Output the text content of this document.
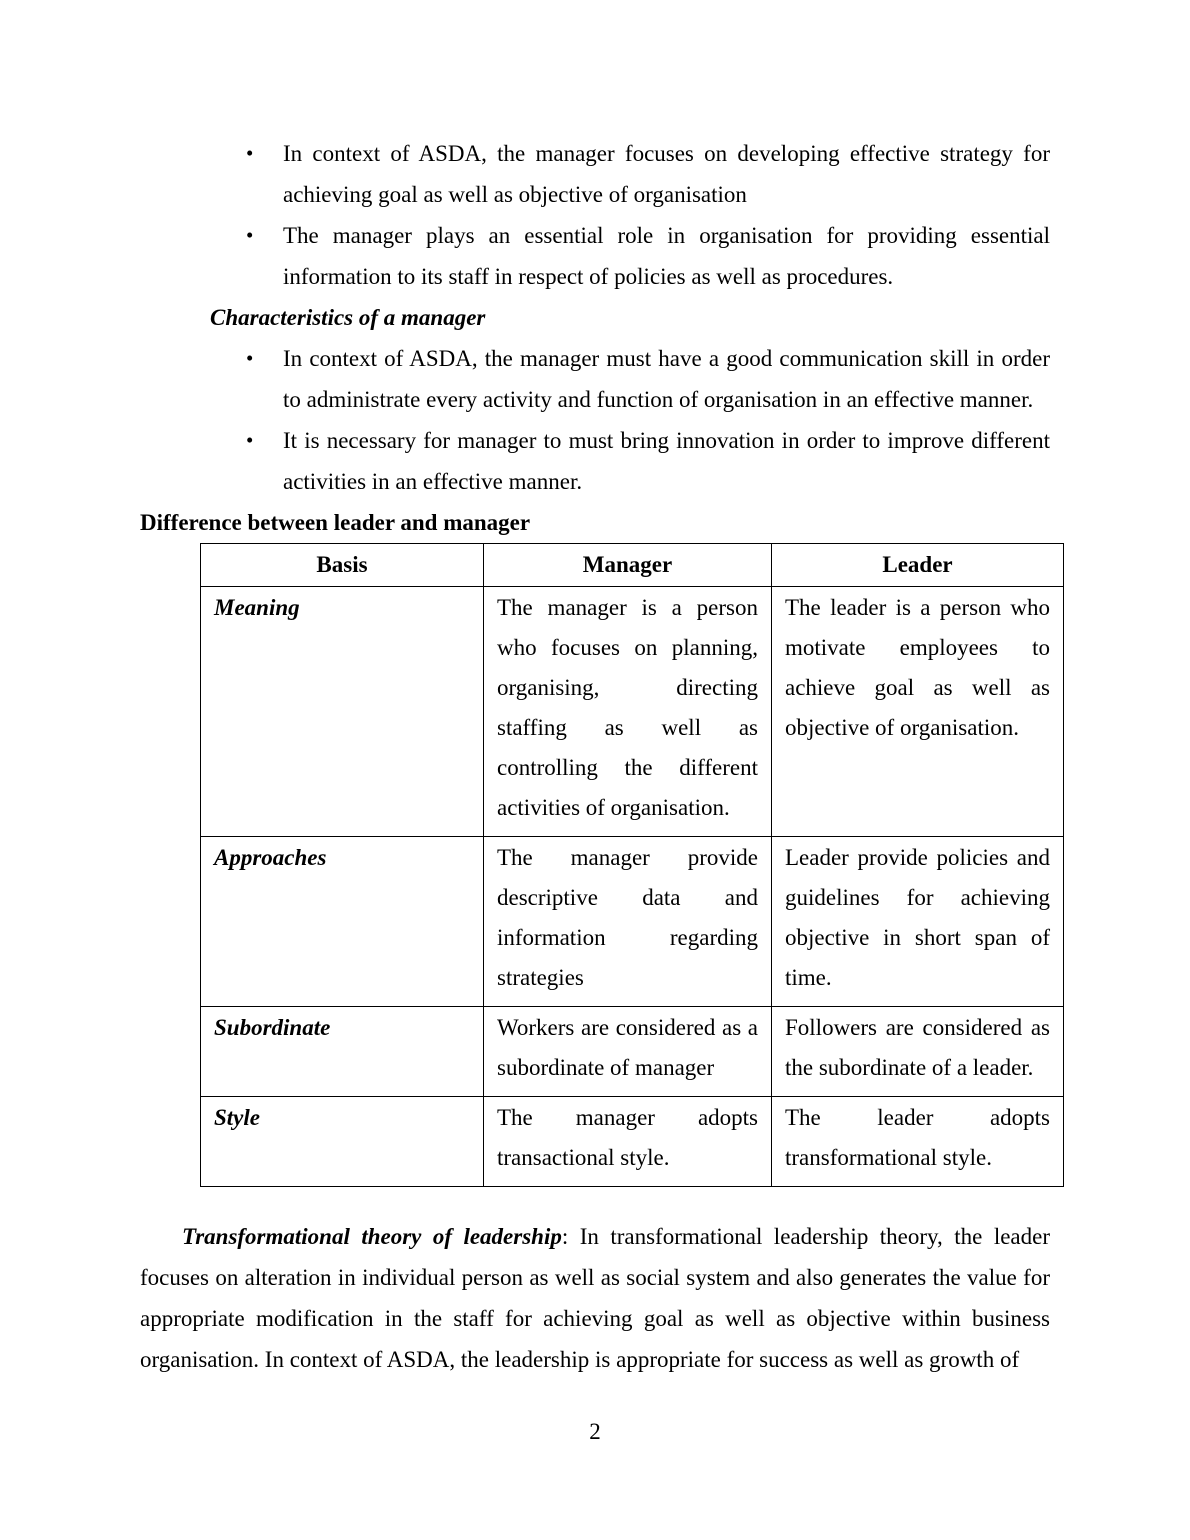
• In context of ASDA, the manager focuses on developing effective strategy for achieving goal as well as objective of organisation
• The manager plays an essential role in organisation for providing essential information to its staff in respect of policies as well as procedures.
Characteristics of a manager
• In context of ASDA, the manager must have a good communication skill in order to administrate every activity and function of organisation in an effective manner.
• It is necessary for manager to must bring innovation in order to improve different activities in an effective manner.
Difference between leader and manager
Basis	Manager	Leader
Meaning	The manager is a person who focuses on planning, organising, directing staffing as well as controlling the different activities of organisation.	The leader is a person who motivate employees to achieve goal as well as objective of organisation.
Approaches	The manager provide descriptive data and information regarding strategies	Leader provide policies and guidelines for achieving objective in short span of time.
Subordinate	Workers are considered as a subordinate of manager	Followers are considered as the subordinate of a leader.
Style	The manager adopts transactional style.	The leader adopts transformational style.

Transformational theory of leadership: In transformational leadership theory, the leader focuses on alteration in individual person as well as social system and also generates the value for appropriate modification in the staff for achieving goal as well as objective within business organisation. In context of ASDA, the leadership is appropriate for success as well as growth of

2
